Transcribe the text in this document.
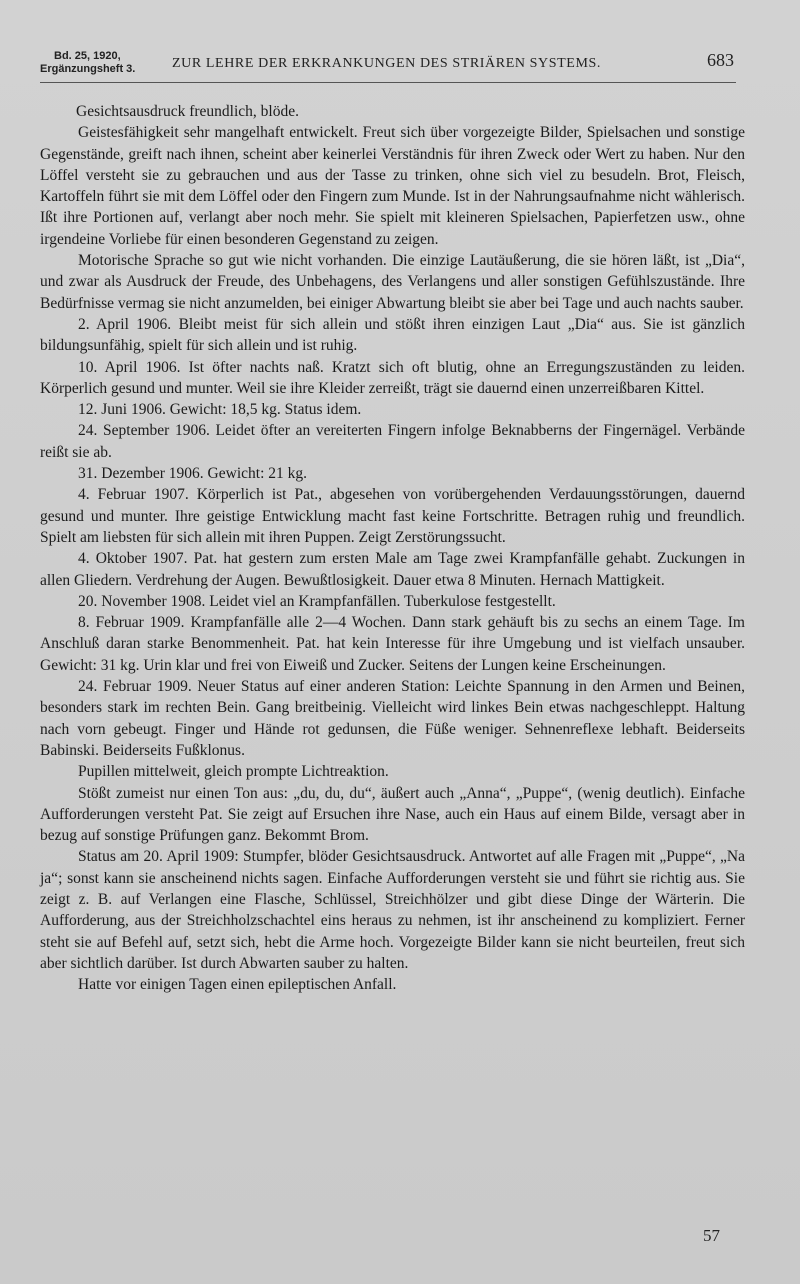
Bd. 25, 1920,
Ergänzungsheft 3.	ZUR LEHRE DER ERKRANKUNGEN DES STRIÄREN SYSTEMS.	683

Gesichtsausdruck freundlich, blöde.

Geistesfähigkeit sehr mangelhaft entwickelt. Freut sich über vorgezeigte Bilder, Spielsachen und sonstige Gegenstände, greift nach ihnen, scheint aber keinerlei Verständnis für ihren Zweck oder Wert zu haben. Nur den Löffel versteht sie zu gebrauchen und aus der Tasse zu trinken, ohne sich viel zu besudeln. Brot, Fleisch, Kartoffeln führt sie mit dem Löffel oder den Fingern zum Munde. Ist in der Nahrungsaufnahme nicht wählerisch. Ißt ihre Portionen auf, verlangt aber noch mehr. Sie spielt mit kleineren Spielsachen, Papierfetzen usw., ohne irgendeine Vorliebe für einen besonderen Gegenstand zu zeigen.

Motorische Sprache so gut wie nicht vorhanden. Die einzige Lautäußerung, die sie hören läßt, ist „Dia“, und zwar als Ausdruck der Freude, des Unbehagens, des Verlangens und aller sonstigen Gefühlszustände. Ihre Bedürfnisse vermag sie nicht anzumelden, bei einiger Abwartung bleibt sie aber bei Tage und auch nachts sauber.

2. April 1906. Bleibt meist für sich allein und stößt ihren einzigen Laut „Dia“ aus. Sie ist gänzlich bildungsunfähig, spielt für sich allein und ist ruhig.

10. April 1906. Ist öfter nachts naß. Kratzt sich oft blutig, ohne an Erregungszuständen zu leiden. Körperlich gesund und munter. Weil sie ihre Kleider zerreißt, trägt sie dauernd einen unzerreißbaren Kittel.

12. Juni 1906. Gewicht: 18,5 kg. Status idem.

24. September 1906. Leidet öfter an vereiterten Fingern infolge Beknabberns der Fingernägel. Verbände reißt sie ab.

31. Dezember 1906. Gewicht: 21 kg.

4. Februar 1907. Körperlich ist Pat., abgesehen von vorübergehenden Verdauungsstörungen, dauernd gesund und munter. Ihre geistige Entwicklung macht fast keine Fortschritte. Betragen ruhig und freundlich. Spielt am liebsten für sich allein mit ihren Puppen. Zeigt Zerstörungssucht.

4. Oktober 1907. Pat. hat gestern zum ersten Male am Tage zwei Krampfanfälle gehabt. Zuckungen in allen Gliedern. Verdrehung der Augen. Bewußtlosigkeit. Dauer etwa 8 Minuten. Hernach Mattigkeit.

20. November 1908. Leidet viel an Krampfanfällen. Tuberkulose festgestellt.

8. Februar 1909. Krampfanfälle alle 2—4 Wochen. Dann stark gehäuft bis zu sechs an einem Tage. Im Anschluß daran starke Benommenheit. Pat. hat kein Interesse für ihre Umgebung und ist vielfach unsauber. Gewicht: 31 kg. Urin klar und frei von Eiweiß und Zucker. Seitens der Lungen keine Erscheinungen.

24. Februar 1909. Neuer Status auf einer anderen Station: Leichte Spannung in den Armen und Beinen, besonders stark im rechten Bein. Gang breitbeinig. Vielleicht wird linkes Bein etwas nachgeschleppt. Haltung nach vorn gebeugt. Finger und Hände rot gedunsen, die Füße weniger. Sehnenreflexe lebhaft. Beiderseits Babinski. Beiderseits Fußklonus.

Pupillen mittelweit, gleich prompte Lichtreaktion.

Stößt zumeist nur einen Ton aus: „du, du, du“, äußert auch „Anna“, „Puppe“, (wenig deutlich). Einfache Aufforderungen versteht Pat. Sie zeigt auf Ersuchen ihre Nase, auch ein Haus auf einem Bilde, versagt aber in bezug auf sonstige Prüfungen ganz. Bekommt Brom.

Status am 20. April 1909: Stumpfer, blöder Gesichtsausdruck. Antwortet auf alle Fragen mit „Puppe“, „Na ja“; sonst kann sie anscheinend nichts sagen. Einfache Aufforderungen versteht sie und führt sie richtig aus. Sie zeigt z. B. auf Verlangen eine Flasche, Schlüssel, Streichhölzer und gibt diese Dinge der Wärterin. Die Aufforderung, aus der Streichholzschachtel eins heraus zu nehmen, ist ihr anscheinend zu kompliziert. Ferner steht sie auf Befehl auf, setzt sich, hebt die Arme hoch. Vorgezeigte Bilder kann sie nicht beurteilen, freut sich aber sichtlich darüber. Ist durch Abwarten sauber zu halten.

Hatte vor einigen Tagen einen epileptischen Anfall.

57
